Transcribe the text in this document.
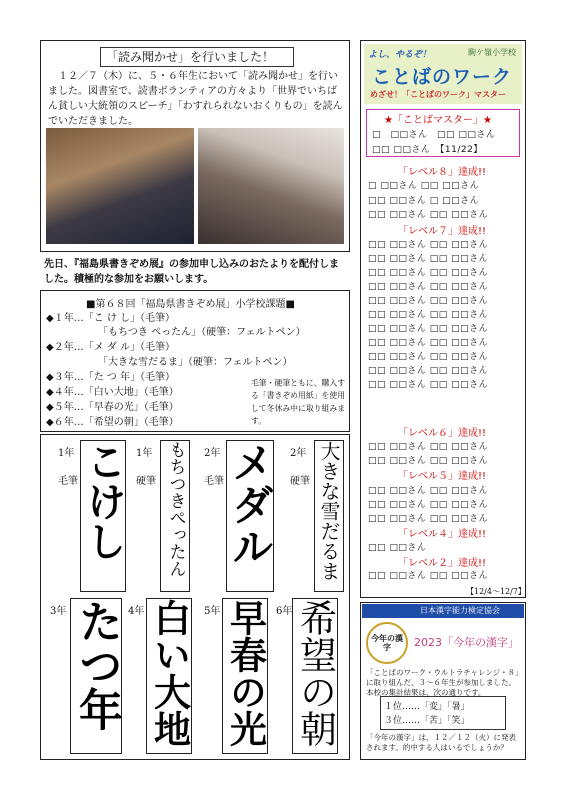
「読み聞かせ」を行いました！
１２／７（木）に、５・６年生において「読み聞かせ」を行いました。図書室で、読書ボランティアの方々より「世界でいちばん貧しい大統領のスピーチ」「わすれられないおくりもの」を読んでいただきました。
先日、『福島県書きぞめ展』の参加申し込みのおたよりを配付しました。積極的な参加をお願いします。
■第６８回「福島県書きぞめ展」小学校課題■
◆１年…「こ け し」（毛筆）
「もちつき ぺったん」（硬筆：フェルトペン）
◆２年…「メ ダ ル」（毛筆）
「大きな雪だるま」（硬筆：フェルトペン）
◆３年…「た つ 年」（毛筆）
◆４年…「白い大地」（毛筆）
◆５年…「早春の光」（毛筆）
◆６年…「希望の朝」（毛筆）
毛筆・硬筆ともに、購入する「書きぞめ用紙」を使用して冬休み中に取り組みます。
1年
毛筆 こけし 1年
硬筆 もちつきぺったん 2年
毛筆 メダル 2年
硬筆 大きな雪だるま
3年 たつ年 4年 白い大地 5年 早春の光 6年 希望の朝
よし、やるぞ！	駒ケ嶺小学校
ことばのワーク
めざせ！「ことばのワーク」マスター
★「ことばマスター」★
□　□□さん　□□ □□さん
□□ □□さん　【11/22】
「レベル８」達成!!
□ □□さん □□ □□さん
□□ □□さん □ □□さん
□□ □□さん □□ □□さん
「レベル７」達成!!
□□ □□さん □□ □□さん
□□ □□さん □□ □□さん
□□ □□さん □□ □□さん
□□ □□さん □□ □□さん
□□ □□さん □□ □□さん
□□ □□さん □□ □□さん
□□ □□さん □□ □□さん
□□ □□さん □□ □□さん
□□ □□さん □□ □□さん
□□ □□さん □□ □□さん
□□ □□さん □□ □□さん
「レベル６」達成!!
□□ □□さん □□ □□さん
□□ □□さん □□ □□さん
「レベル５」達成!!
□□ □□さん □□ □□さん
□□ □□さん □□ □□さん
□□ □□さん □□ □□さん
「レベル４」達成!!
□□ □□さん
「レベル２」達成!!
□□ □□さん □□ □□さん
【12/4～12/7】
日本漢字能力検定協会
今年の漢字	2023「今年の漢字」
「ことばのワーク・ウルトラチャレンジ・８」に取り組んだ、３～６年生が参加しました。本校の集計結果は、次の通りです。
１位……「変」「暑」
３位……「苦」「笑」
「今年の漢字」は、１２／１２（火）に発表されます。的中する人はいるでしょうか？
